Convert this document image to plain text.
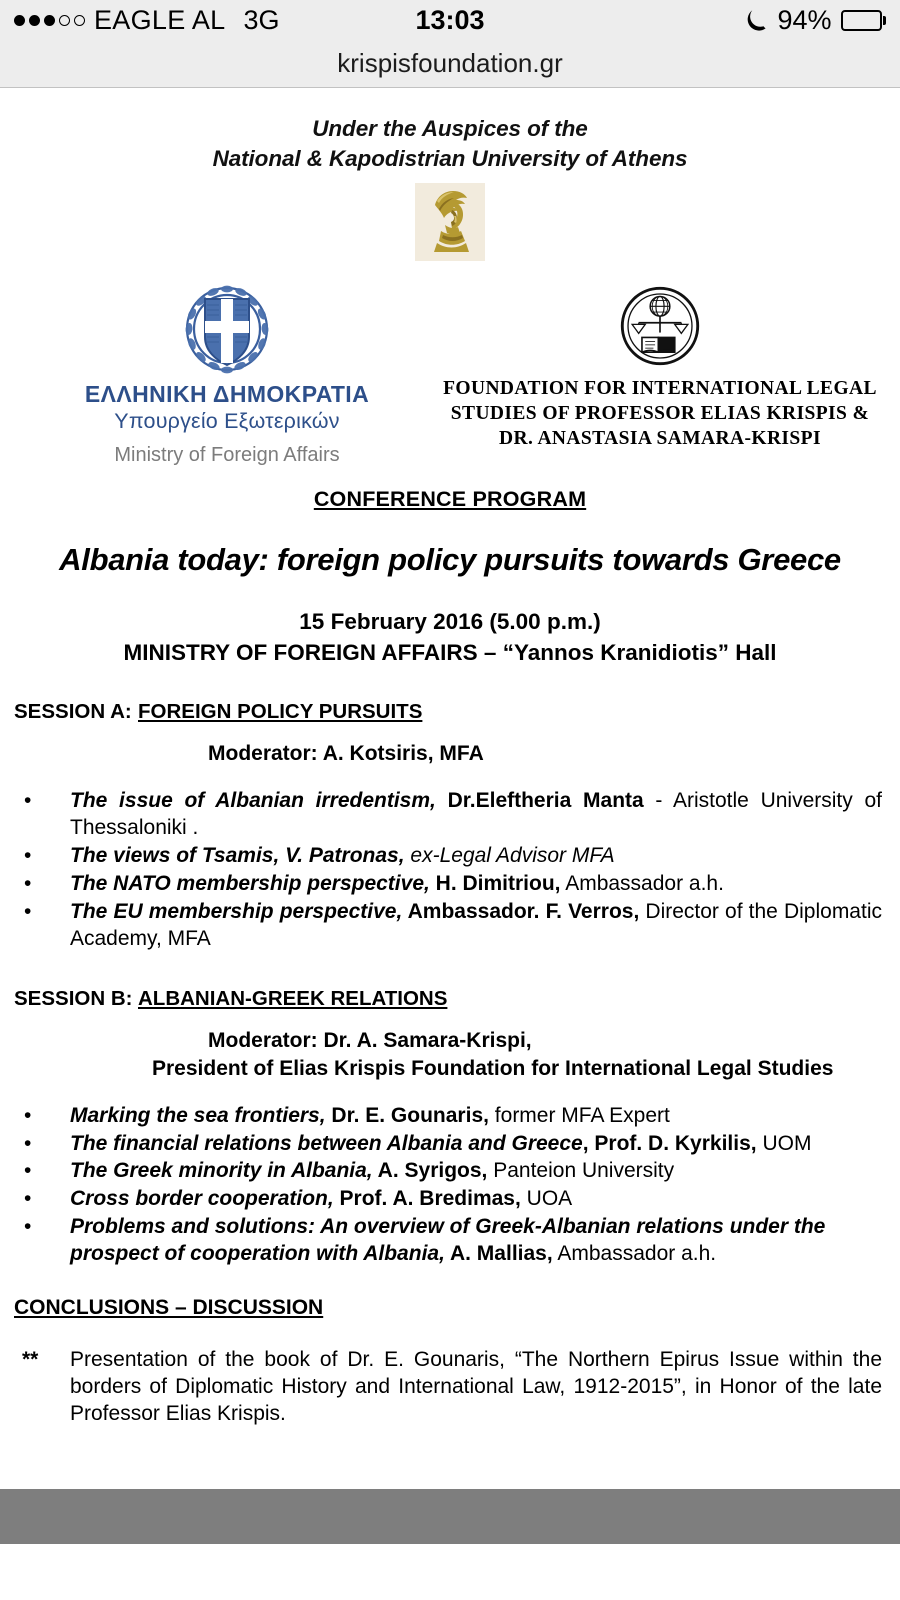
EAGLE AL 3G	13:03	94%
krispisfoundation.gr
Under the Auspices of the
National & Kapodistrian University of Athens
ΕΛΛΗΝΙΚΗ ΔΗΜΟΚΡΑΤΙΑ
Υπουργείο Εξωτερικών
Ministry of Foreign Affairs
FOUNDATION FOR INTERNATIONAL LEGAL
STUDIES OF PROFESSOR ELIAS KRISPIS &
DR. ANASTASIA SAMARA-KRISPI
CONFERENCE PROGRAM
Albania today: foreign policy pursuits towards Greece
15 February 2016 (5.00 p.m.)
MINISTRY OF FOREIGN AFFAIRS – “Yannos Kranidiotis” Hall
SESSION A: FOREIGN POLICY PURSUITS
Moderator: A. Kotsiris, MFA
•	The issue of Albanian irredentism, Dr.Eleftheria Manta - Aristotle University of Thessaloniki .
•	The views of Tsamis, V. Patronas, ex-Legal Advisor MFA
•	The NATO membership perspective, H. Dimitriou, Ambassador a.h.
•	The EU membership perspective, Ambassador. F. Verros, Director of the Diplomatic Academy, MFA
SESSION B: ALBANIAN-GREEK RELATIONS
Moderator: Dr. A. Samara-Krispi,
President of Elias Krispis Foundation for International Legal Studies
•	Marking the sea frontiers, Dr. E. Gounaris, former MFA Expert
•	The financial relations between Albania and Greece, Prof. D. Kyrkilis, UOM
•	The Greek minority in Albania, A. Syrigos, Panteion University
•	Cross border cooperation, Prof. A. Bredimas, UOA
•	Problems and solutions: An overview of Greek-Albanian relations under the prospect of cooperation with Albania, A. Mallias, Ambassador a.h.
CONCLUSIONS – DISCUSSION
**	Presentation of the book of Dr. E. Gounaris, “The Northern Epirus Issue within the borders of Diplomatic History and International Law, 1912-2015”, in Honor of the late Professor Elias Krispis.
